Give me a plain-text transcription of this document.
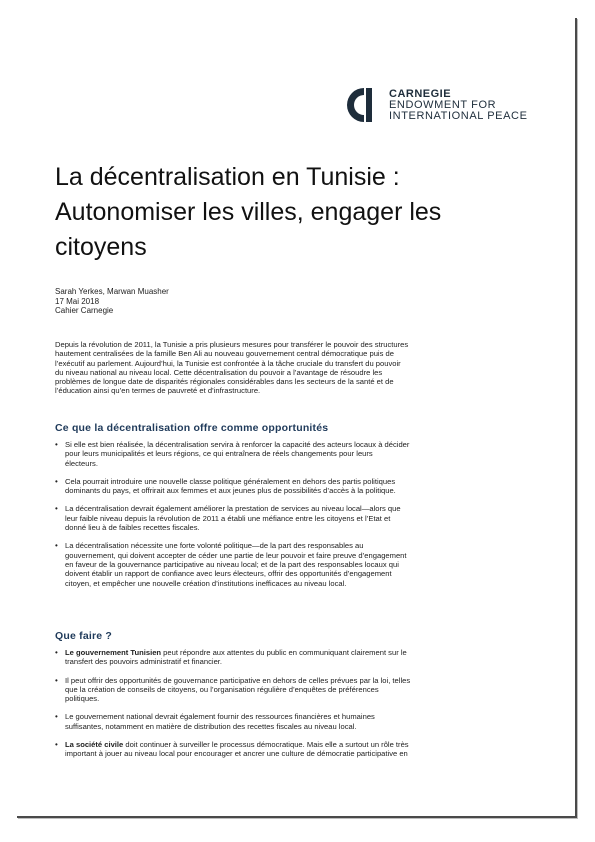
CARNEGIE
ENDOWMENT FOR
INTERNATIONAL PEACE
La décentralisation en Tunisie :
Autonomiser les villes, engager les
citoyens
Sarah Yerkes, Marwan Muasher
17 Mai 2018
Cahier Carnegie
Depuis la révolution de 2011, la Tunisie a pris plusieurs mesures pour transférer le pouvoir des structures
hautement centralisées de la famille Ben Ali au nouveau gouvernement central démocratique puis de
l’exécutif au parlement. Aujourd’hui, la Tunisie est confrontée à la tâche cruciale du transfert du pouvoir
du niveau national au niveau local. Cette décentralisation du pouvoir a l’avantage de résoudre les
problèmes de longue date de disparités régionales considérables dans les secteurs de la santé et de
l’éducation ainsi qu’en termes de pauvreté et d’infrastructure.
Ce que la décentralisation offre comme opportunités
• Si elle est bien réalisée, la décentralisation servira à renforcer la capacité des acteurs locaux à décider
pour leurs municipalités et leurs régions, ce qui entraînera de réels changements pour leurs
électeurs.
• Cela pourrait introduire une nouvelle classe politique généralement en dehors des partis politiques
dominants du pays, et offrirait aux femmes et aux jeunes plus de possibilités d’accès à la politique.
• La décentralisation devrait également améliorer la prestation de services au niveau local—alors que
leur faible niveau depuis la révolution de 2011 a établi une méfiance entre les citoyens et l’Etat et
donné lieu à de faibles recettes fiscales.
• La décentralisation nécessite une forte volonté politique—de la part des responsables au
gouvernement, qui doivent accepter de céder une partie de leur pouvoir et faire preuve d’engagement
en faveur de la gouvernance participative au niveau local; et de la part des responsables locaux qui
doivent établir un rapport de confiance avec leurs électeurs, offrir des opportunités d’engagement
citoyen, et empêcher une nouvelle création d’institutions inefficaces au niveau local.
Que faire ?
• Le gouvernement Tunisien peut répondre aux attentes du public en communiquant clairement sur le
transfert des pouvoirs administratif et financier.
• Il peut offrir des opportunités de gouvernance participative en dehors de celles prévues par la loi, telles
que la création de conseils de citoyens, ou l’organisation régulière d’enquêtes de préférences
politiques.
• Le gouvernement national devrait également fournir des ressources financières et humaines
suffisantes, notamment en matière de distribution des recettes fiscales au niveau local.
• La société civile doit continuer à surveiller le processus démocratique. Mais elle a surtout un rôle très
important à jouer au niveau local pour encourager et ancrer une culture de démocratie participative en
